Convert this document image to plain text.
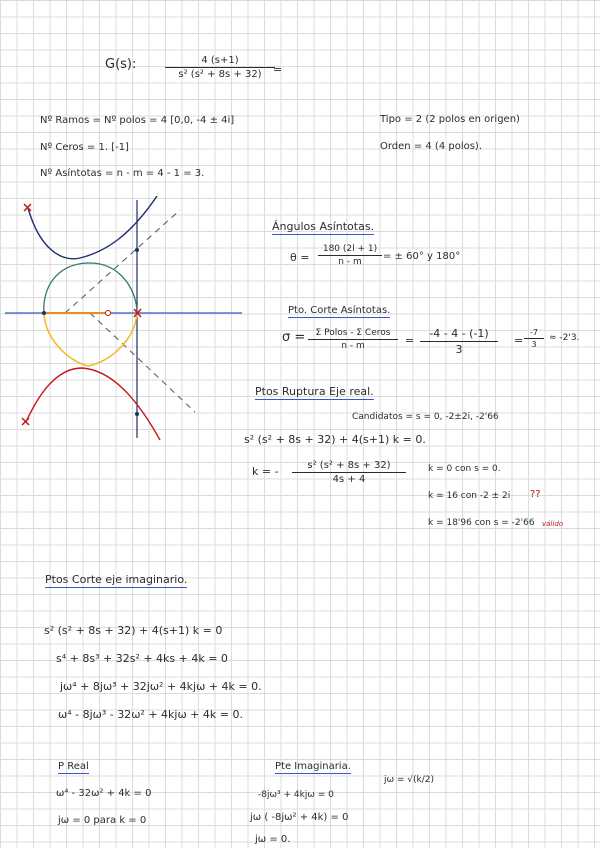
G(s):	$\frac{4 (s+1)}{\text{s² (s² + 8s + 32)}}$
=
Nº Ramos = Nº polos = 4 [0,0, -4 ± 4i]
Nº Ceros = 1. [-1]
Nº Asíntotas = n - m = 4 - 1 = 3.
Tipo = 2 (2 polos en origen)
Orden = 4 (4 polos).
Ángulos Asíntotas.
$\theta = \frac{180 (2l + 1)}{n - m}$ = ± 60° y 180°
Pto. Corte Asíntotas.
σ =	Σ Polos - Σ Ceros
n - m	= $\frac{-4 - 4 - (-1)}{3} = \frac{-7}{3} \approx -2'3$.
Ptos Ruptura Eje real.
Candidatos = s = 0, -2±2i, -2'66
s² (s² + 8s + 32) + 4(s+1) k = 0.
k = - $\frac{\text{s² (s² + 8s + 32)}}{4s + 4}$ k = 0 con s = 0.
k = 16 con -2 ± 2i ??
k = 18'96 con s = -2'66 válido
Ptos Corte eje imaginario.
s² (s² + 8s + 32) + 4(s+1) k = 0
s⁴ + 8s³ + 32s² + 4ks + 4k = 0
jω⁴ + 8jω³ + 32jω² + 4kjω + 4k = 0.
ω⁴ - 8jω³ - 32ω² + 4kjω + 4k = 0.
P Real
ω⁴ - 32ω² + 4k = 0
jω = 0 para k = 0
Pte Imaginaria.
-8jω³ + 4kjω = 0
jω ( -8jω² + 4k) = 0
jω = 0.
jω = √(k/2)
